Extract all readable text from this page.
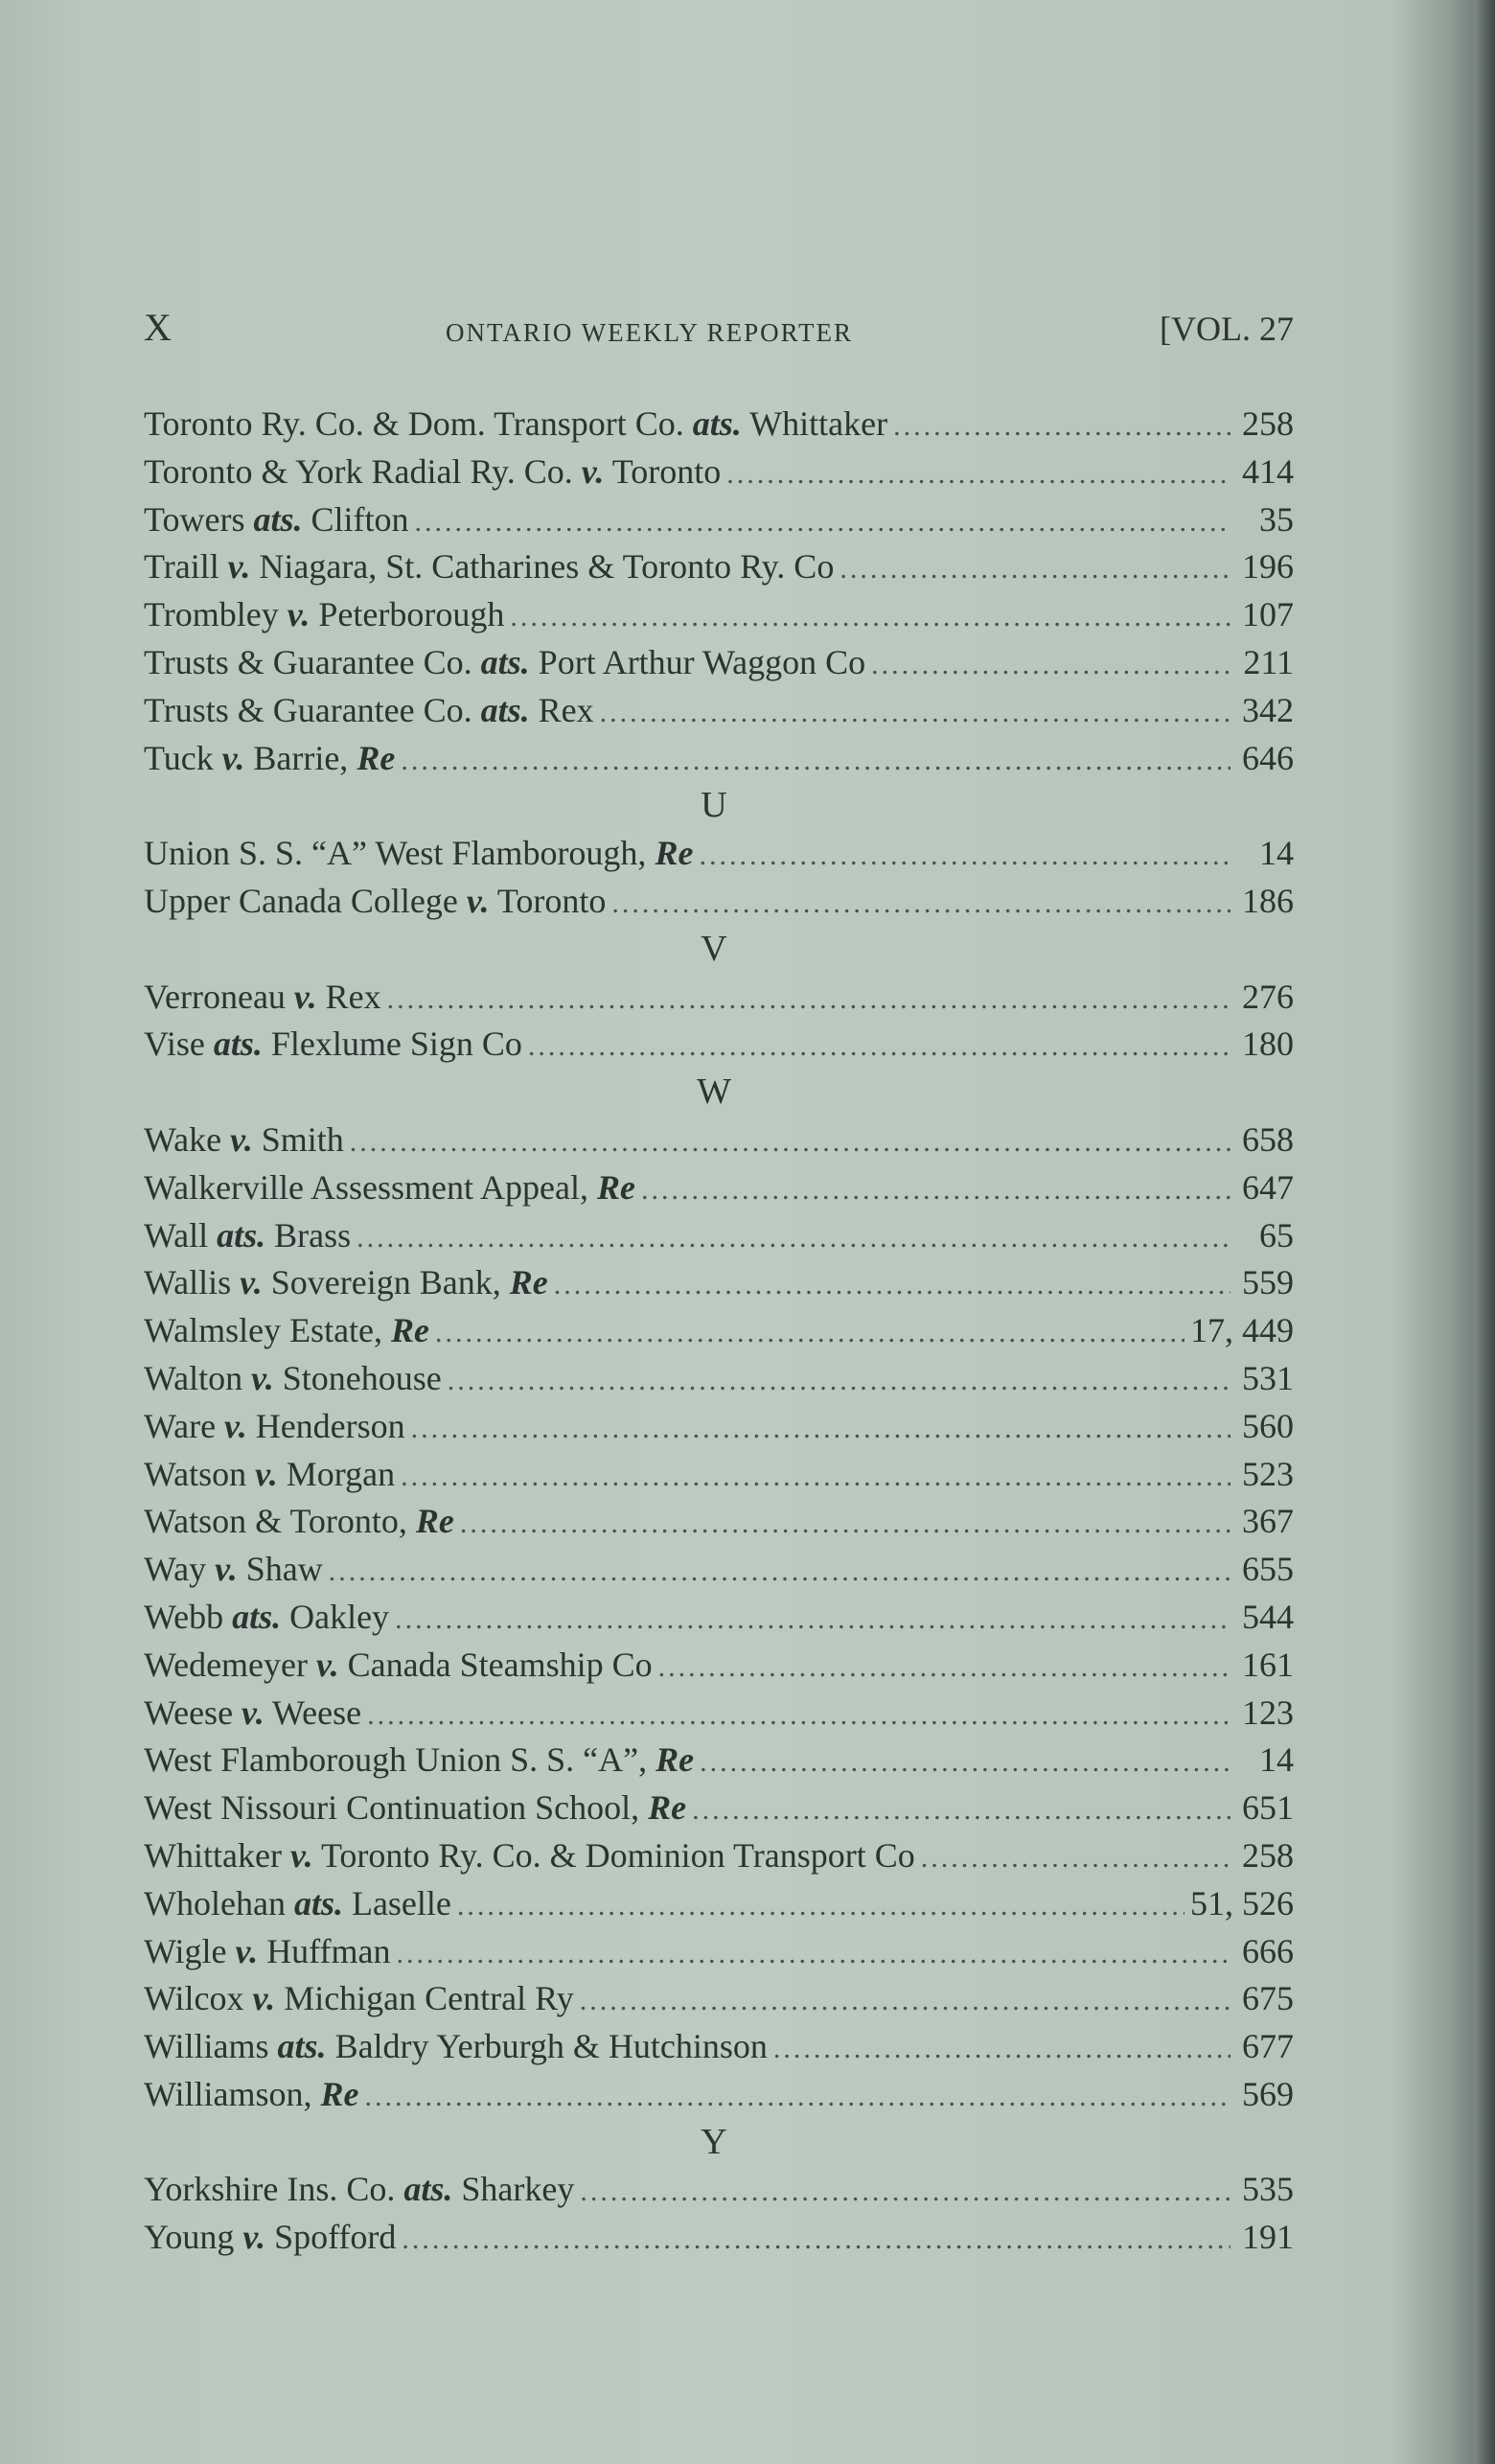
X	ONTARIO WEEKLY REPORTER	[VOL. 27
Toronto Ry. Co. & Dom. Transport Co. ats. Whittaker .....	258
Toronto & York Radial Ry. Co. v. Toronto .....	414
Towers ats. Clifton .....	35
Traill v. Niagara, St. Catharines & Toronto Ry. Co .....	196
Trombley v. Peterborough .....	107
Trusts & Guarantee Co. ats. Port Arthur Waggon Co .....	211
Trusts & Guarantee Co. ats. Rex .....	342
Tuck v. Barrie, Re .....	646
U
Union S. S. “A” West Flamborough, Re .....	14
Upper Canada College v. Toronto .....	186
V
Verroneau v. Rex .....	276
Vise ats. Flexlume Sign Co .....	180
W
Wake v. Smith .....	658
Walkerville Assessment Appeal, Re .....	647
Wall ats. Brass .....	65
Wallis v. Sovereign Bank, Re .....	559
Walmsley Estate, Re .....	17, 449
Walton v. Stonehouse .....	531
Ware v. Henderson .....	560
Watson v. Morgan .....	523
Watson & Toronto, Re .....	367
Way v. Shaw .....	655
Webb ats. Oakley .....	544
Wedemeyer v. Canada Steamship Co .....	161
Weese v. Weese .....	123
West Flamborough Union S. S. “A”, Re .....	14
West Nissouri Continuation School, Re .....	651
Whittaker v. Toronto Ry. Co. & Dominion Transport Co .....	258
Wholehan ats. Laselle .....	51, 526
Wigle v. Huffman .....	666
Wilcox v. Michigan Central Ry .....	675
Williams ats. Baldry Yerburgh & Hutchinson .....	677
Williamson, Re .....	569
Y
Yorkshire Ins. Co. ats. Sharkey .....	535
Young v. Spofford .....	191
